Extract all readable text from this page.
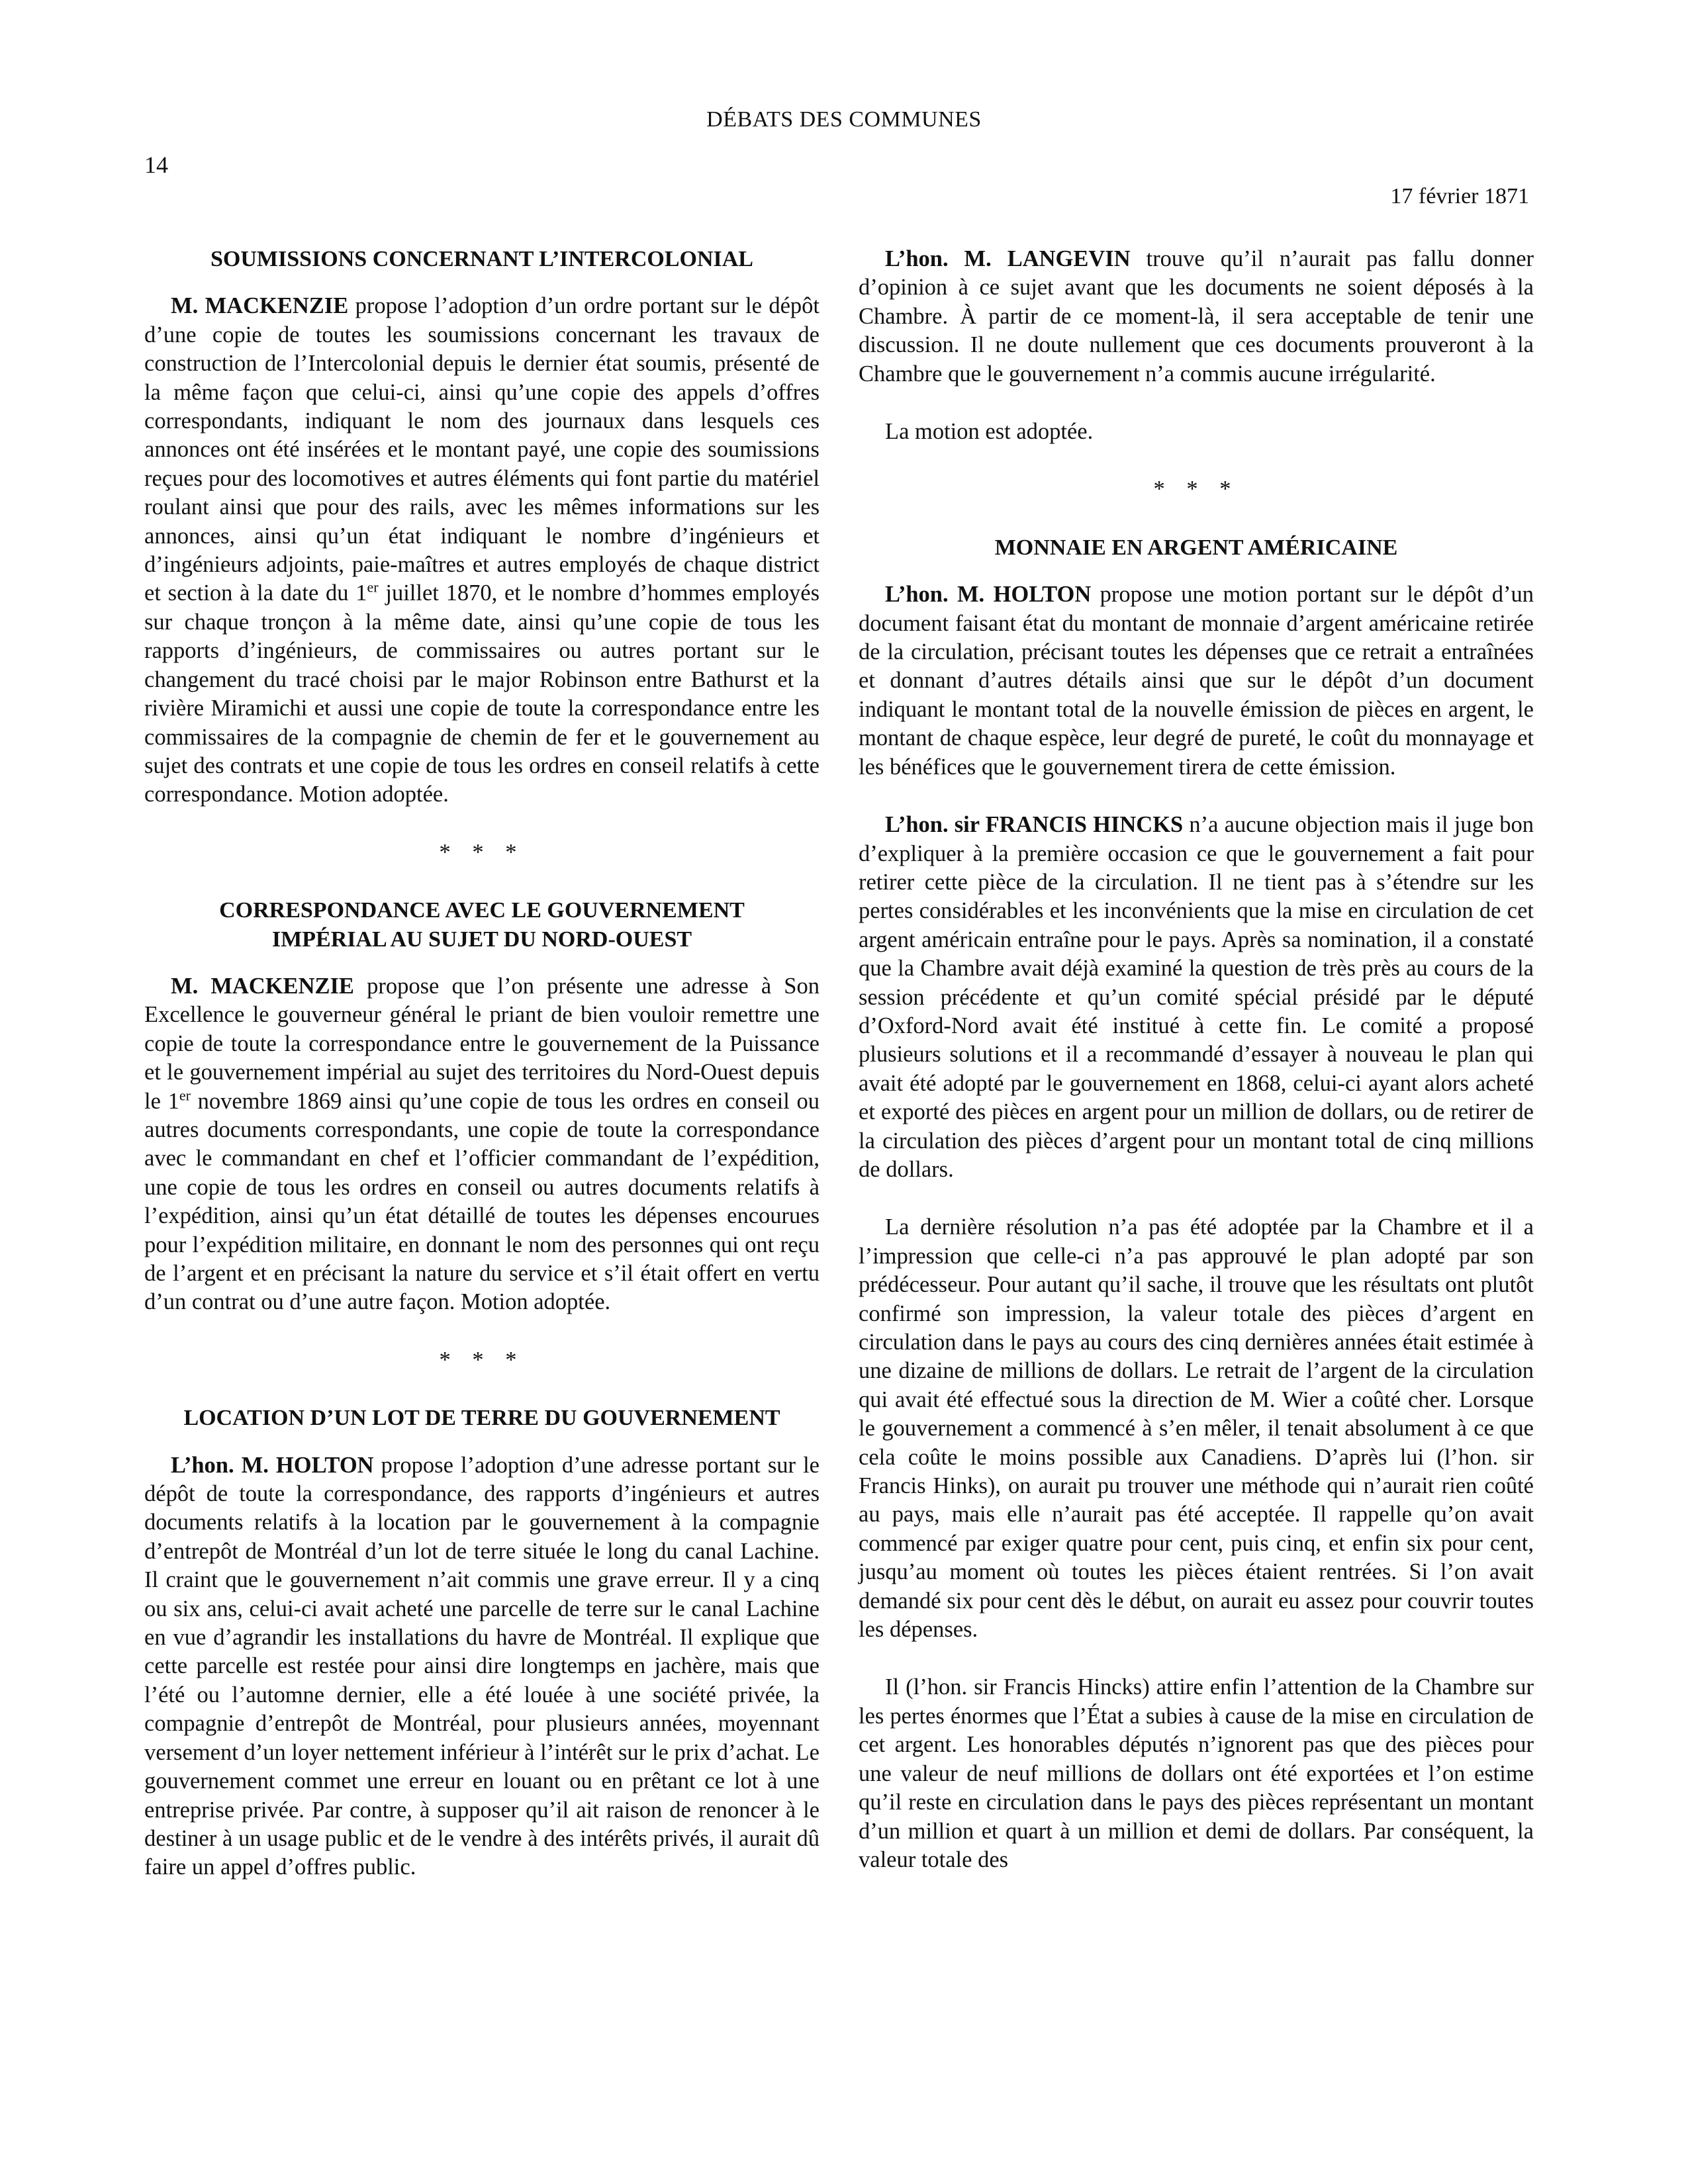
DÉBATS DES COMMUNES
14
17 février 1871
SOUMISSIONS CONCERNANT L’INTERCOLONIAL

M. MACKENZIE propose l’adoption d’un ordre portant sur le dépôt d’une copie de toutes les soumissions concernant les travaux de construction de l’Intercolonial depuis le dernier état soumis, présenté de la même façon que celui-ci, ainsi qu’une copie des appels d’offres correspondants, indiquant le nom des journaux dans lesquels ces annonces ont été insérées et le montant payé, une copie des soumissions reçues pour des locomotives et autres éléments qui font partie du matériel roulant ainsi que pour des rails, avec les mêmes informations sur les annonces, ainsi qu’un état indiquant le nombre d’ingénieurs et d’ingénieurs adjoints, paie-maîtres et autres employés de chaque district et section à la date du 1er juillet 1870, et le nombre d’hommes employés sur chaque tronçon à la même date, ainsi qu’une copie de tous les rapports d’ingénieurs, de commissaires ou autres portant sur le changement du tracé choisi par le major Robinson entre Bathurst et la rivière Miramichi et aussi une copie de toute la correspondance entre les commissaires de la compagnie de chemin de fer et le gouvernement au sujet des contrats et une copie de tous les ordres en conseil relatifs à cette correspondance. Motion adoptée.

* * *

CORRESPONDANCE AVEC LE GOUVERNEMENT
IMPÉRIAL AU SUJET DU NORD-OUEST

M. MACKENZIE propose que l’on présente une adresse à Son Excellence le gouverneur général le priant de bien vouloir remettre une copie de toute la correspondance entre le gouvernement de la Puissance et le gouvernement impérial au sujet des territoires du Nord-Ouest depuis le 1er novembre 1869 ainsi qu’une copie de tous les ordres en conseil ou autres documents correspondants, une copie de toute la correspondance avec le commandant en chef et l’officier commandant de l’expédition, une copie de tous les ordres en conseil ou autres documents relatifs à l’expédition, ainsi qu’un état détaillé de toutes les dépenses encourues pour l’expédition militaire, en donnant le nom des personnes qui ont reçu de l’argent et en précisant la nature du service et s’il était offert en vertu d’un contrat ou d’une autre façon. Motion adoptée.

* * *

LOCATION D’UN LOT DE TERRE DU GOUVERNEMENT

L’hon. M. HOLTON propose l’adoption d’une adresse portant sur le dépôt de toute la correspondance, des rapports d’ingénieurs et autres documents relatifs à la location par le gouvernement à la compagnie d’entrepôt de Montréal d’un lot de terre située le long du canal Lachine. Il craint que le gouvernement n’ait commis une grave erreur. Il y a cinq ou six ans, celui-ci avait acheté une parcelle de terre sur le canal Lachine en vue d’agrandir les installations du havre de Montréal. Il explique que cette parcelle est restée pour ainsi dire longtemps en jachère, mais que l’été ou l’automne dernier, elle a été louée à une société privée, la compagnie d’entrepôt de Montréal, pour plusieurs années, moyennant versement d’un loyer nettement inférieur à l’intérêt sur le prix d’achat. Le gouvernement commet une erreur en louant ou en prêtant ce lot à une entreprise privée. Par contre, à supposer qu’il ait raison de renoncer à le destiner à un usage public et de le vendre à des intérêts privés, il aurait dû faire un appel d’offres public.

L’hon. M. LANGEVIN trouve qu’il n’aurait pas fallu donner d’opinion à ce sujet avant que les documents ne soient déposés à la Chambre. À partir de ce moment-là, il sera acceptable de tenir une discussion. Il ne doute nullement que ces documents prouveront à la Chambre que le gouvernement n’a commis aucune irrégularité.

La motion est adoptée.

* * *

MONNAIE EN ARGENT AMÉRICAINE

L’hon. M. HOLTON propose une motion portant sur le dépôt d’un document faisant état du montant de monnaie d’argent américaine retirée de la circulation, précisant toutes les dépenses que ce retrait a entraînées et donnant d’autres détails ainsi que sur le dépôt d’un document indiquant le montant total de la nouvelle émission de pièces en argent, le montant de chaque espèce, leur degré de pureté, le coût du monnayage et les bénéfices que le gouvernement tirera de cette émission.

L’hon. sir FRANCIS HINCKS n’a aucune objection mais il juge bon d’expliquer à la première occasion ce que le gouvernement a fait pour retirer cette pièce de la circulation. Il ne tient pas à s’étendre sur les pertes considérables et les inconvénients que la mise en circulation de cet argent américain entraîne pour le pays. Après sa nomination, il a constaté que la Chambre avait déjà examiné la question de très près au cours de la session précédente et qu’un comité spécial présidé par le député d’Oxford-Nord avait été institué à cette fin. Le comité a proposé plusieurs solutions et il a recommandé d’essayer à nouveau le plan qui avait été adopté par le gouvernement en 1868, celui-ci ayant alors acheté et exporté des pièces en argent pour un million de dollars, ou de retirer de la circulation des pièces d’argent pour un montant total de cinq millions de dollars.

La dernière résolution n’a pas été adoptée par la Chambre et il a l’impression que celle-ci n’a pas approuvé le plan adopté par son prédécesseur. Pour autant qu’il sache, il trouve que les résultats ont plutôt confirmé son impression, la valeur totale des pièces d’argent en circulation dans le pays au cours des cinq dernières années était estimée à une dizaine de millions de dollars. Le retrait de l’argent de la circulation qui avait été effectué sous la direction de M. Wier a coûté cher. Lorsque le gouvernement a commencé à s’en mêler, il tenait absolument à ce que cela coûte le moins possible aux Canadiens. D’après lui (l’hon. sir Francis Hinks), on aurait pu trouver une méthode qui n’aurait rien coûté au pays, mais elle n’aurait pas été acceptée. Il rappelle qu’on avait commencé par exiger quatre pour cent, puis cinq, et enfin six pour cent, jusqu’au moment où toutes les pièces étaient rentrées. Si l’on avait demandé six pour cent dès le début, on aurait eu assez pour couvrir toutes les dépenses.

Il (l’hon. sir Francis Hincks) attire enfin l’attention de la Chambre sur les pertes énormes que l’État a subies à cause de la mise en circulation de cet argent. Les honorables députés n’ignorent pas que des pièces pour une valeur de neuf millions de dollars ont été exportées et l’on estime qu’il reste en circulation dans le pays des pièces représentant un montant d’un million et quart à un million et demi de dollars. Par conséquent, la valeur totale des
